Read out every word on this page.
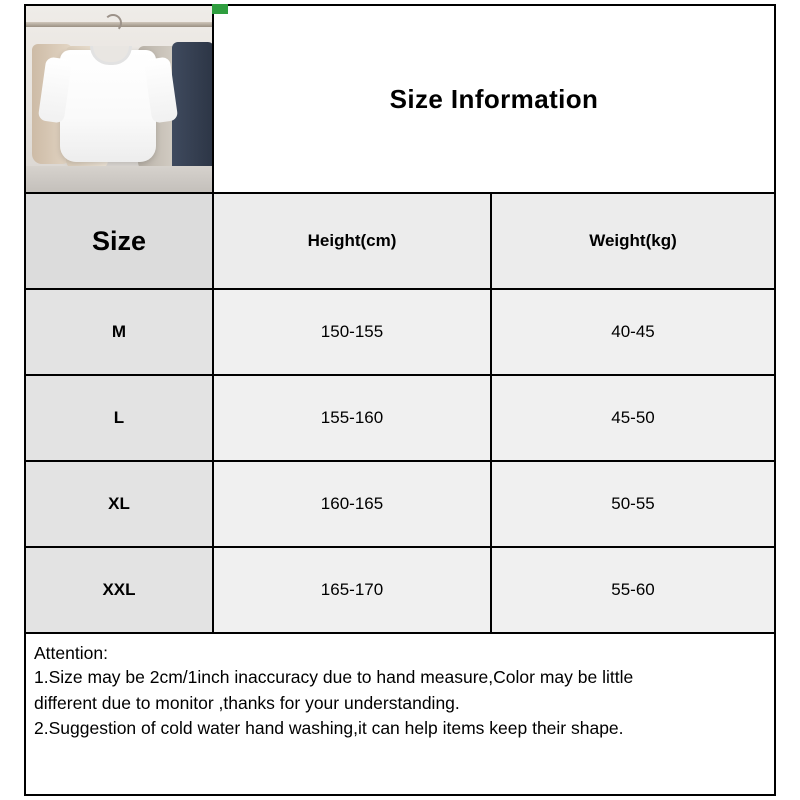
Size Information
Size	Height(cm)	Weight(kg)
M	150-155	40-45
L	155-160	45-50
XL	160-165	50-55
XXL	165-170	55-60

Attention:

1.Size may be 2cm/1inch inaccuracy due to hand measure,Color may be little

different due to monitor ,thanks for your understanding.

2.Suggestion of cold water hand washing,it can help items keep their shape.
